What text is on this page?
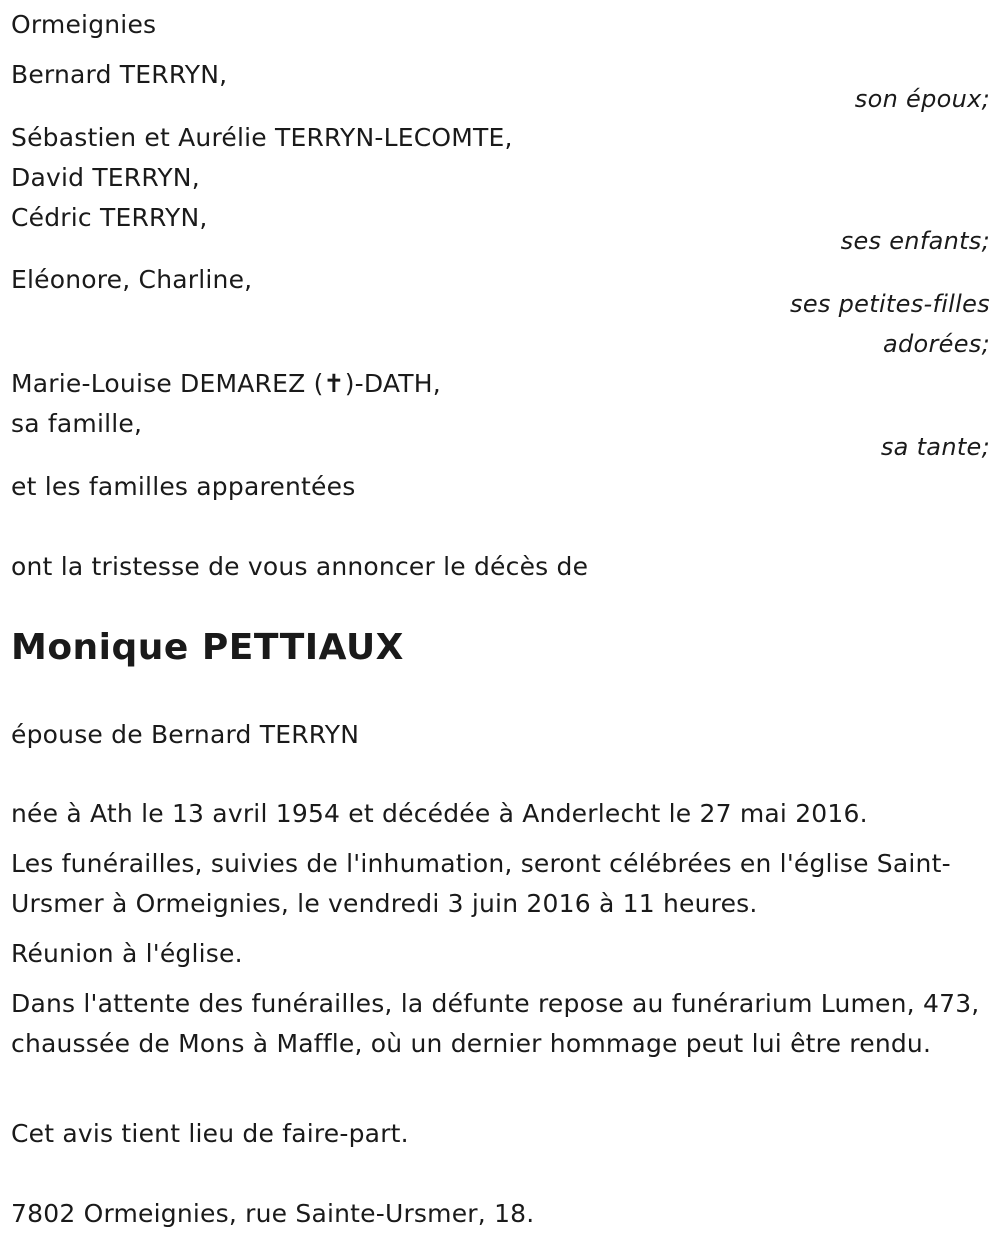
Ormeignies
Bernard TERRYN,
son époux;
Sébastien et Aurélie TERRYN-LECOMTE,
David TERRYN,
Cédric TERRYN,
ses enfants;
Eléonore, Charline,
ses petites-filles
adorées;
Marie-Louise DEMAREZ (✝)-DATH,
sa famille,
sa tante;
et les familles apparentées
ont la tristesse de vous annoncer le décès de
Monique PETTIAUX
épouse de Bernard TERRYN
née à Ath le 13 avril 1954 et décédée à Anderlecht le 27 mai 2016.
Les funérailles, suivies de l'inhumation, seront célébrées en l'église Saint-Ursmer à Ormeignies, le vendredi 3 juin 2016 à 11 heures.
Réunion à l'église.
Dans l'attente des funérailles, la défunte repose au funérarium Lumen, 473, chaussée de Mons à Maffle, où un dernier hommage peut lui être rendu.
Cet avis tient lieu de faire-part.
7802 Ormeignies, rue Sainte-Ursmer, 18.
